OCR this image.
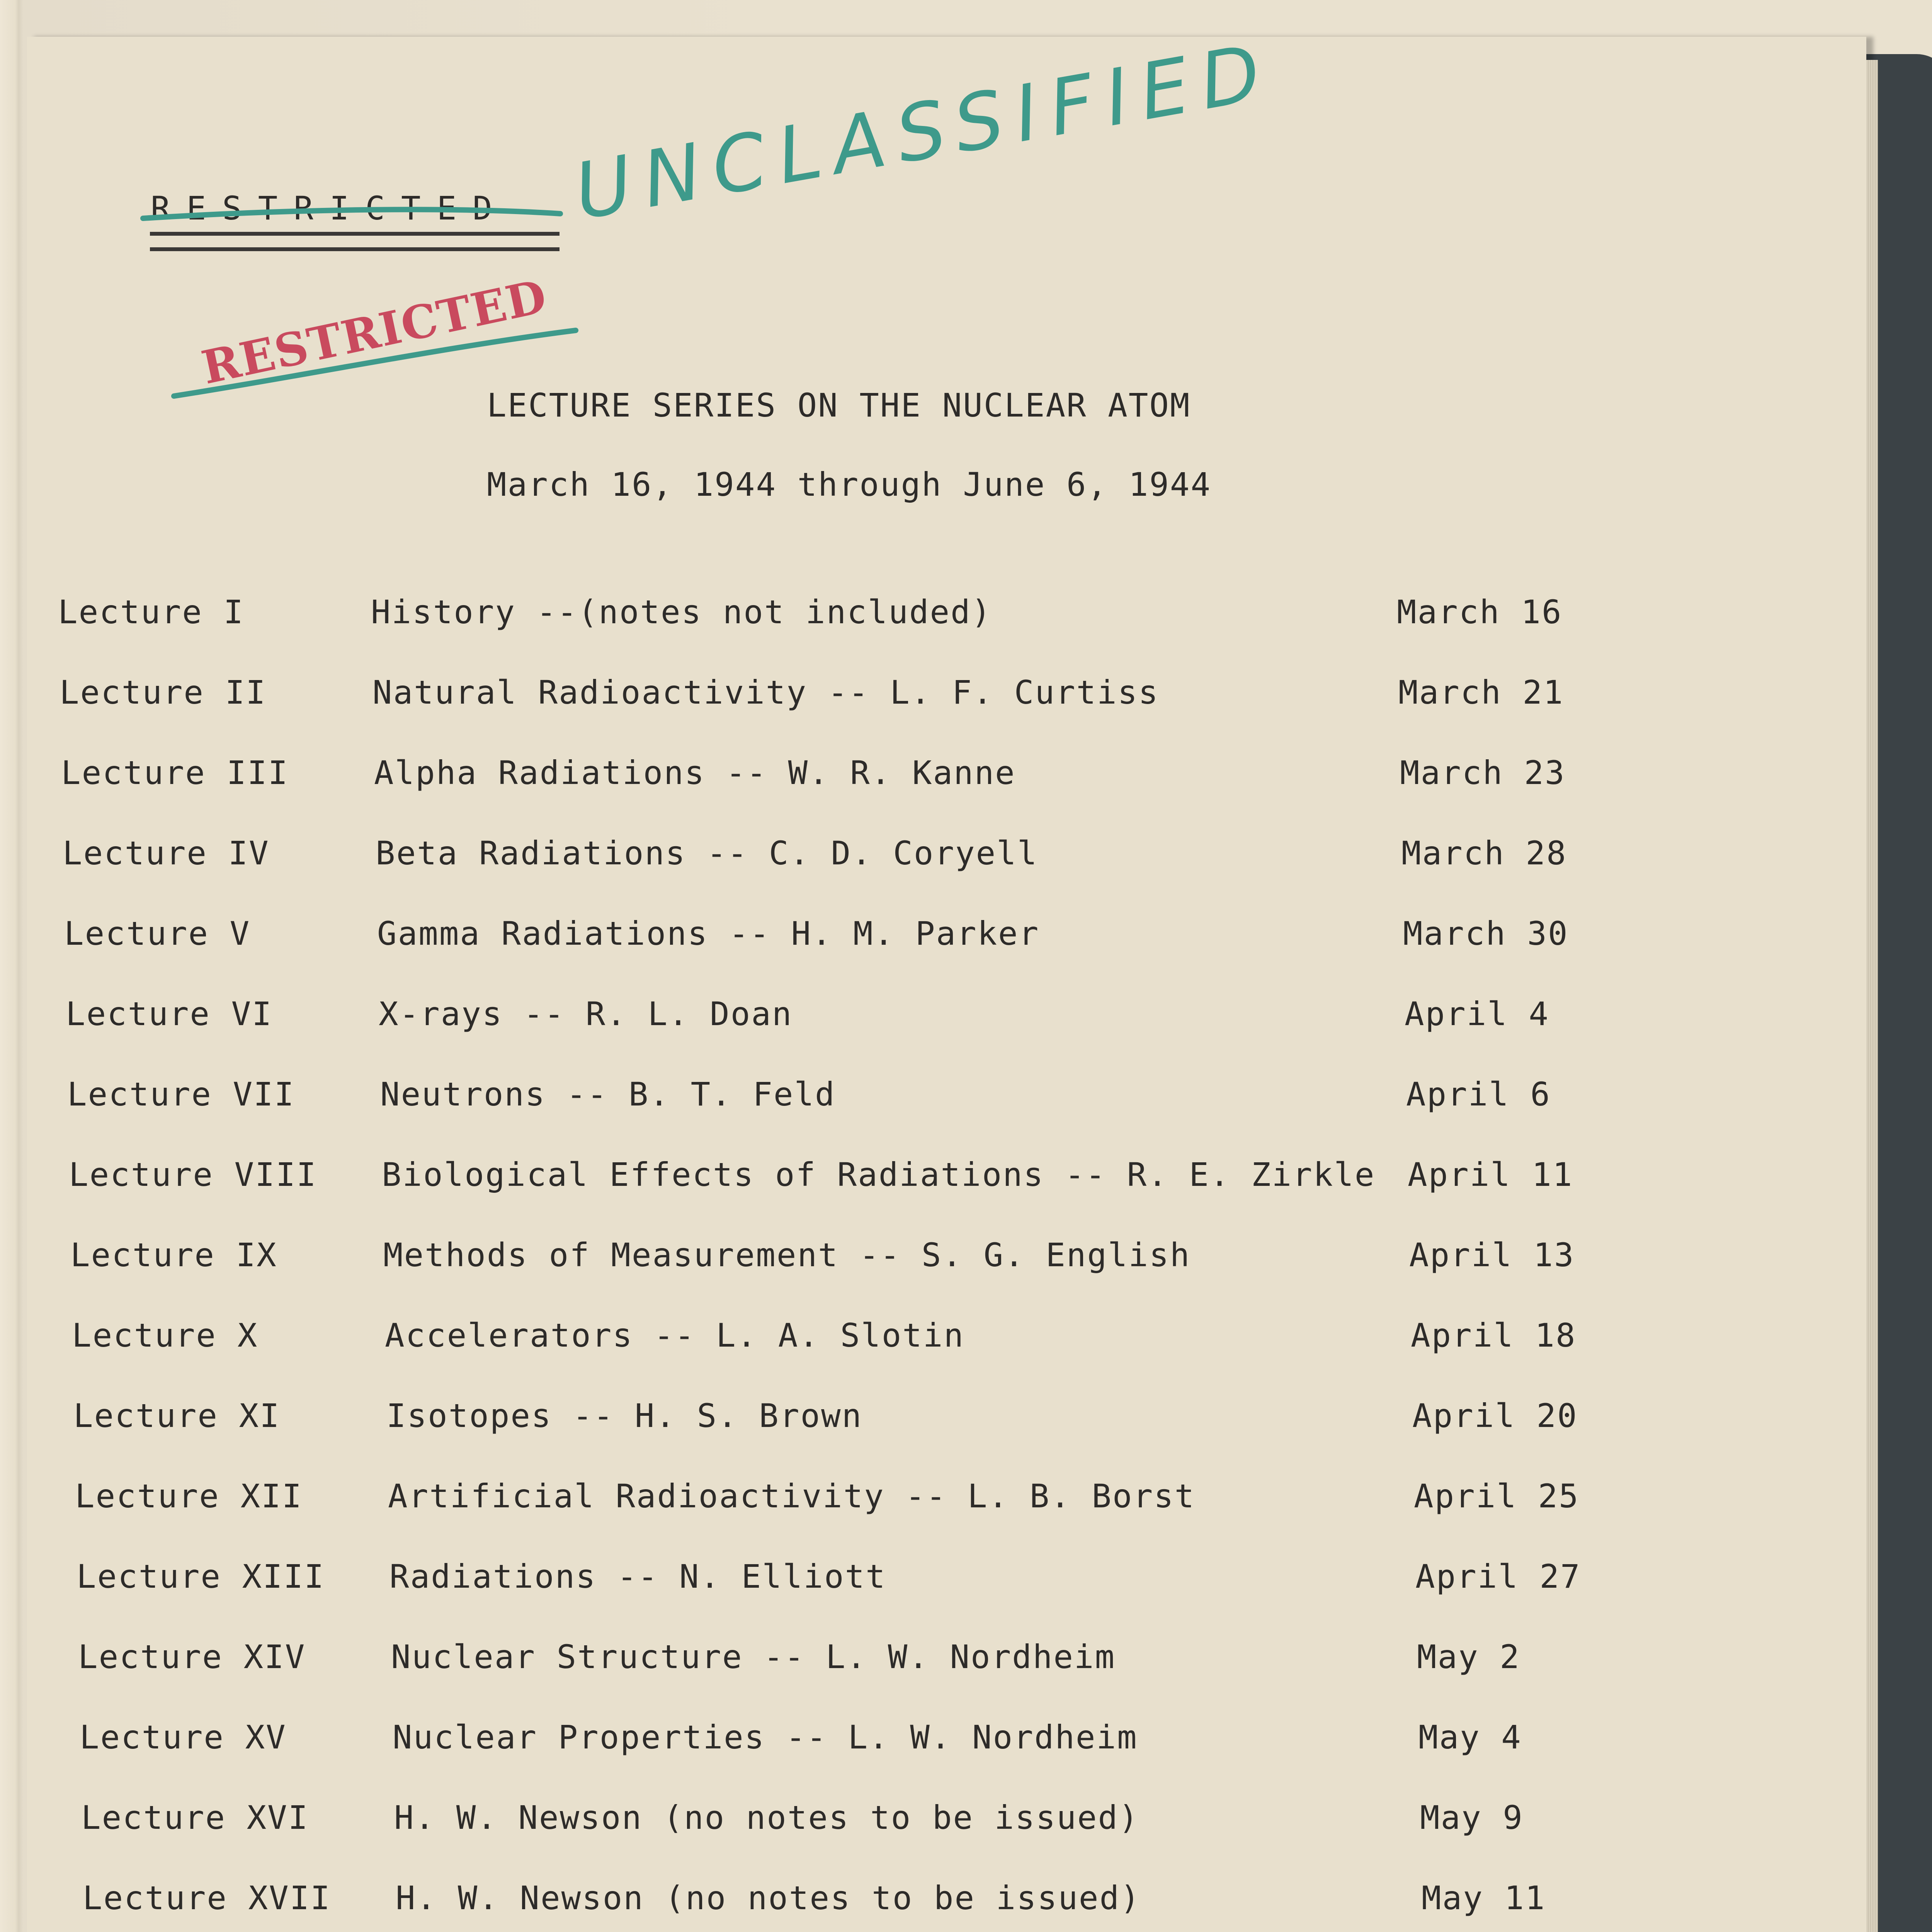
RESTRICTED UNCLASSIFIED
RESTRICTED
LECTURE SERIES ON THE NUCLEAR ATOM
March 16, 1944 through June 6, 1944
Lecture I	History --(notes not included)	March 16
Lecture II	Natural Radioactivity -- L. F. Curtiss	March 21
Lecture III	Alpha Radiations -- W. R. Kanne	March 23
Lecture IV	Beta Radiations -- C. D. Coryell	March 28
Lecture V	Gamma Radiations -- H. M. Parker	March 30
Lecture VI	X-rays -- R. L. Doan	April 4
Lecture VII	Neutrons -- B. T. Feld	April 6
Lecture VIII Biological Effects of Radiations -- R. E. Zirkle April 11
Lecture IX	Methods of Measurement -- S. G. English	April 13
Lecture X	Accelerators -- L. A. Slotin	April 18
Lecture XI	Isotopes -- H. S. Brown	April 20
Lecture XII	Artificial Radioactivity -- L. B. Borst	April 25
Lecture XIII Radiations -- N. Elliott	April 27
Lecture XIV	Nuclear Structure -- L. W. Nordheim	May 2
Lecture XV	Nuclear Properties -- L. W. Nordheim	May 4
Lecture XVI	H. W. Newson (no notes to be issued)	May 9
Lecture XVII H. W. Newson (no notes to be issued)	May 11
